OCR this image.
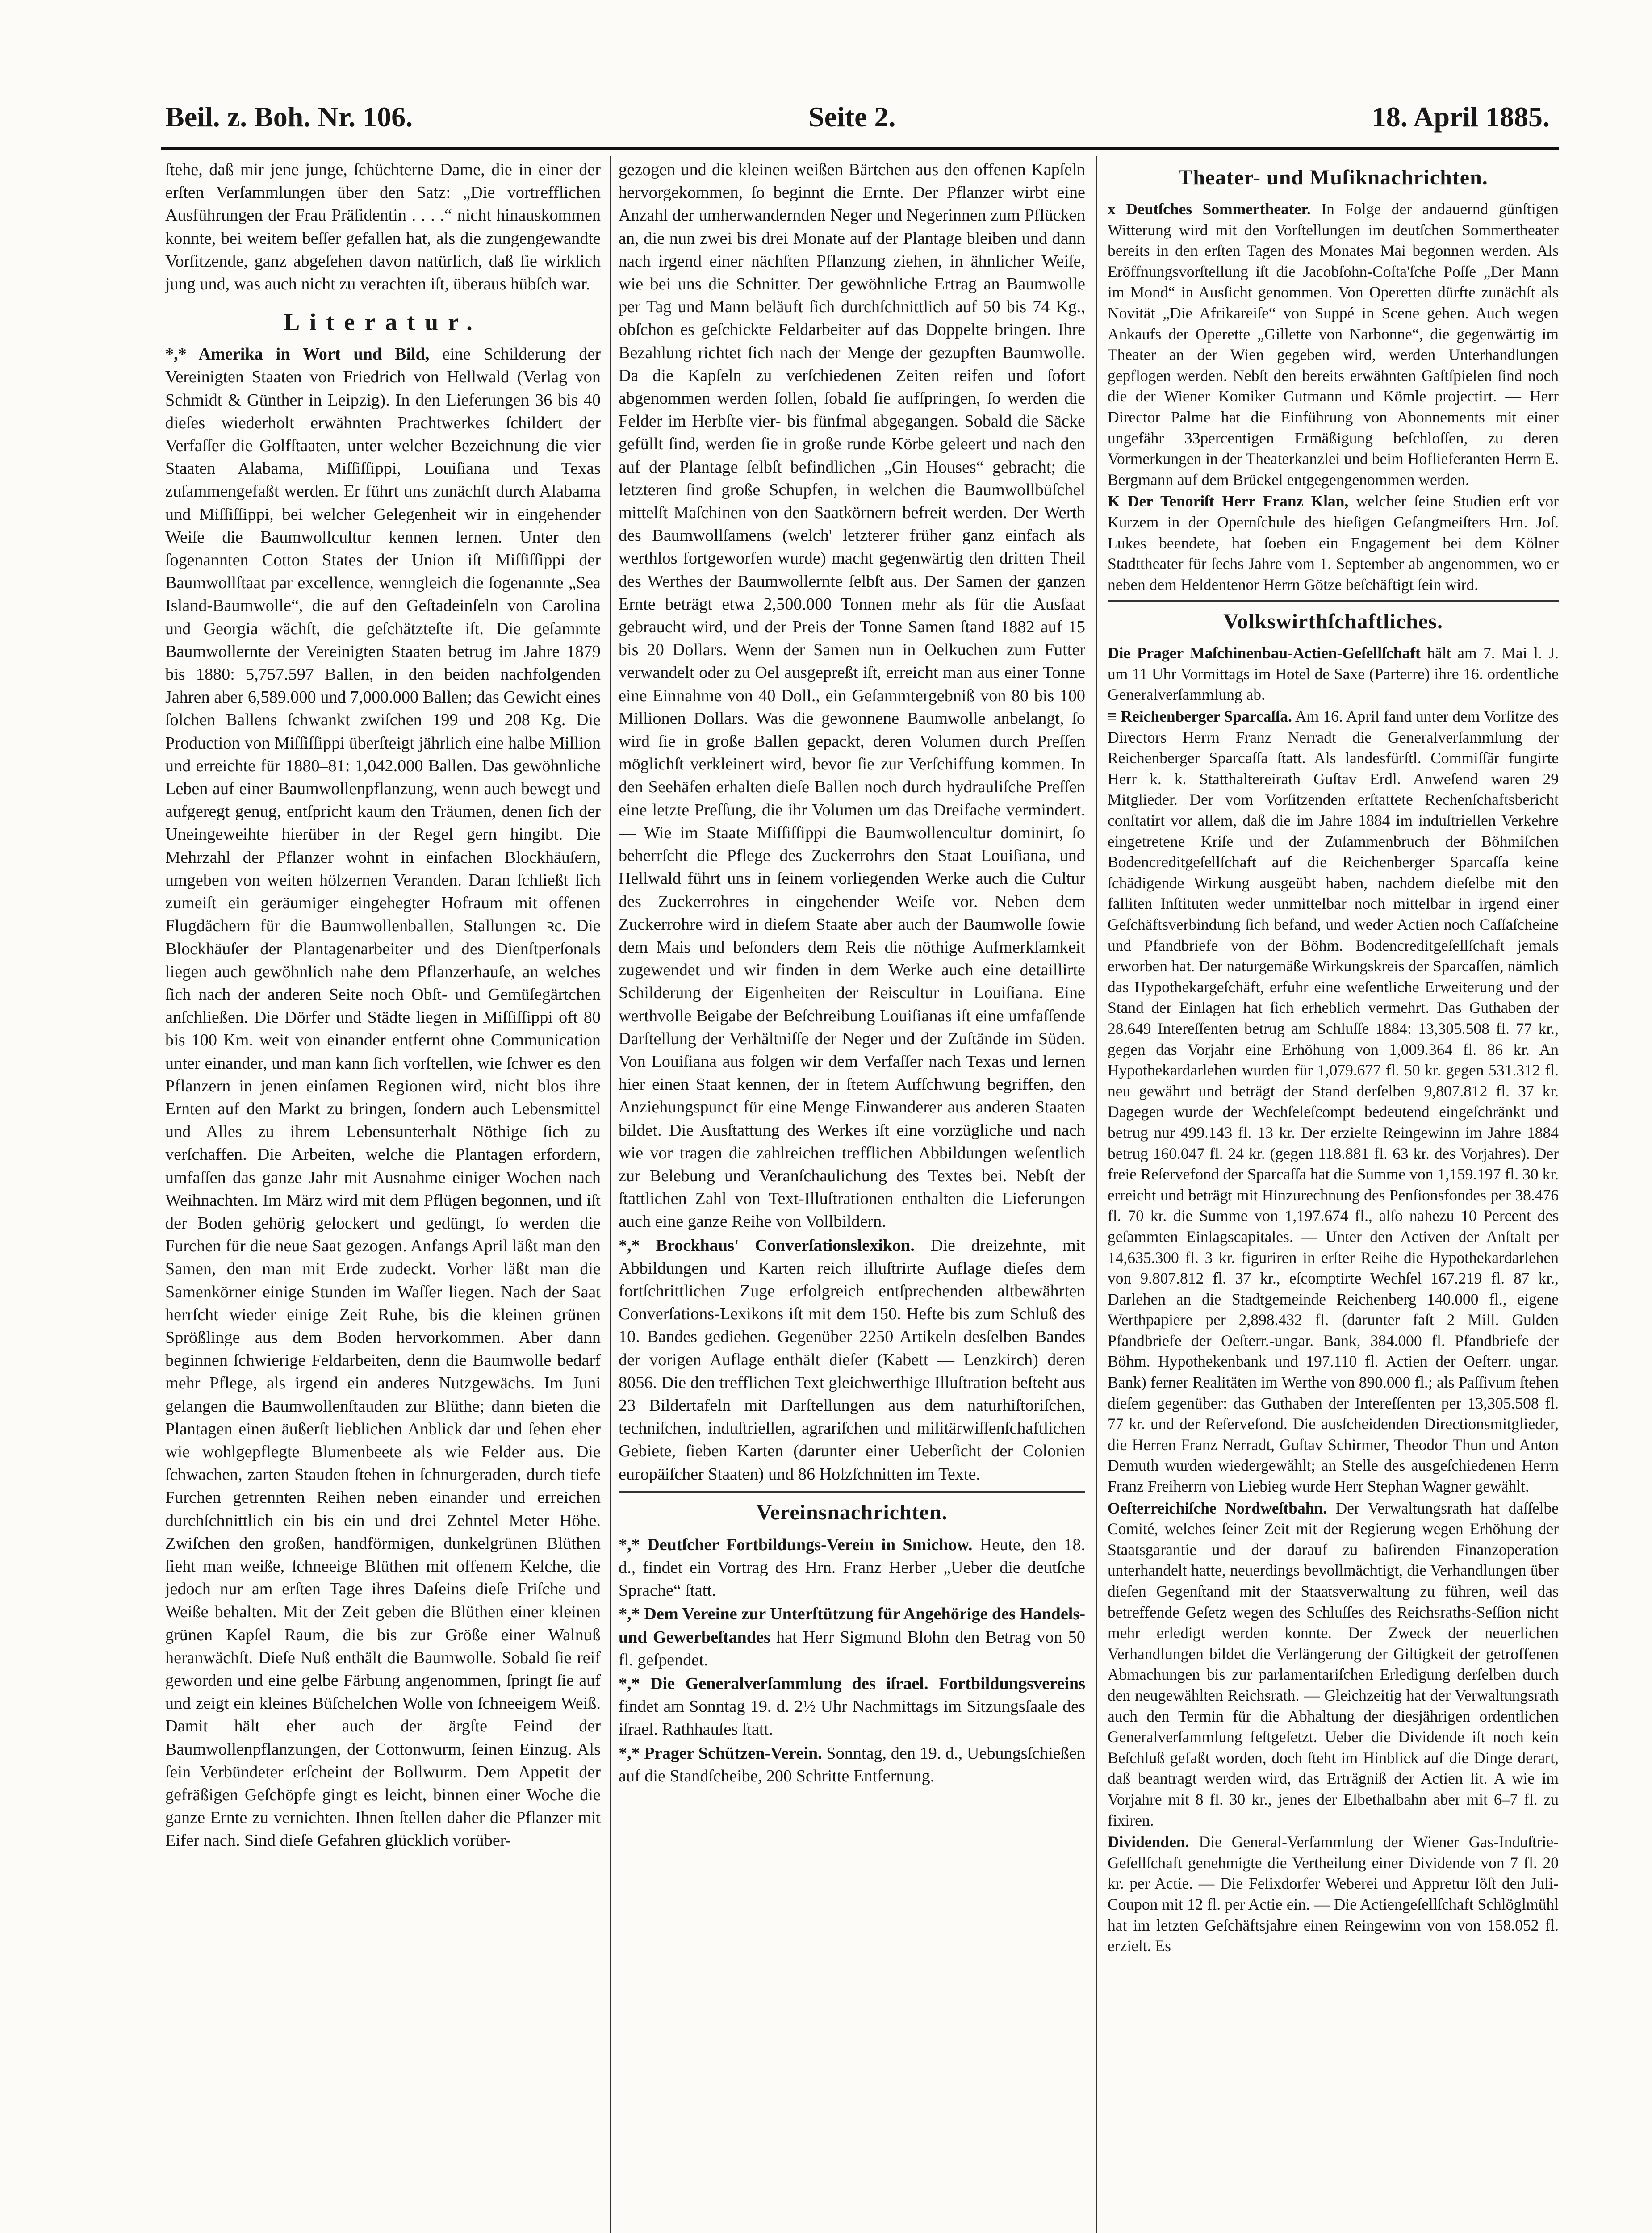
Beil. z. Boh. Nr. 106.	Seite 2.	18. April 1885.

ſtehe, daß mir jene junge, ſchüchterne Dame, die in einer der erſten Verſammlungen über den Satz: „Die vortrefflichen Ausführungen der Frau Präſidentin . . . .“ nicht hinauskommen konnte, bei weitem beſſer gefallen hat, als die zungengewandte Vorſitzende, ganz abgeſehen davon natürlich, daß ſie wirklich jung und, was auch nicht zu verachten iſt, überaus hübſch war.

Literatur.

*,* Amerika in Wort und Bild, eine Schilderung der Vereinigten Staaten von Friedrich von Hellwald (Verlag von Schmidt & Günther in Leipzig). In den Lieferungen 36 bis 40 dieſes wiederholt erwähnten Prachtwerkes ſchildert der Verfaſſer die Golfſtaaten, unter welcher Bezeichnung die vier Staaten Alabama, Miſſiſſippi, Louiſiana und Texas zuſammengefaßt werden. Er führt uns zunächſt durch Alabama und Miſſiſſippi, bei welcher Gelegenheit wir in eingehender Weiſe die Baumwollcultur kennen lernen. Unter den ſogenannten Cotton States der Union iſt Miſſiſſippi der Baumwollſtaat par excellence, wenngleich die ſogenannte „Sea Island-Baumwolle“, die auf den Geſtadeinſeln von Carolina und Georgia wächſt, die geſchätzteſte iſt. Die geſammte Baumwollernte der Vereinigten Staaten betrug im Jahre 1879 bis 1880: 5,757.597 Ballen, in den beiden nachfolgenden Jahren aber 6,589.000 und 7,000.000 Ballen; das Gewicht eines ſolchen Ballens ſchwankt zwiſchen 199 und 208 Kg. Die Production von Miſſiſſippi überſteigt jährlich eine halbe Million und erreichte für 1880–81: 1,042.000 Ballen. Das gewöhnliche Leben auf einer Baumwollenpflanzung, wenn auch bewegt und aufgeregt genug, entſpricht kaum den Träumen, denen ſich der Uneingeweihte hierüber in der Regel gern hingibt. Die Mehrzahl der Pflanzer wohnt in einfachen Blockhäuſern, umgeben von weiten hölzernen Veranden. Daran ſchließt ſich zumeiſt ein geräumiger eingehegter Hofraum mit offenen Flugdächern für die Baumwollenballen, Stallungen ꝛc. Die Blockhäuſer der Plantagenarbeiter und des Dienſtperſonals liegen auch gewöhnlich nahe dem Pflanzerhauſe, an welches ſich nach der anderen Seite noch Obſt- und Gemüſegärtchen anſchließen. Die Dörfer und Städte liegen in Miſſiſſippi oft 80 bis 100 Km. weit von einander entfernt ohne Communication unter einander, und man kann ſich vorſtellen, wie ſchwer es den Pflanzern in jenen einſamen Regionen wird, nicht blos ihre Ernten auf den Markt zu bringen, ſondern auch Lebensmittel und Alles zu ihrem Lebensunterhalt Nöthige ſich zu verſchaffen. Die Arbeiten, welche die Plantagen erfordern, umfaſſen das ganze Jahr mit Ausnahme einiger Wochen nach Weihnachten. Im März wird mit dem Pflügen begonnen, und iſt der Boden gehörig gelockert und gedüngt, ſo werden die Furchen für die neue Saat gezogen. Anfangs April läßt man den Samen, den man mit Erde zudeckt. Vorher läßt man die Samenkörner einige Stunden im Waſſer liegen. Nach der Saat herrſcht wieder einige Zeit Ruhe, bis die kleinen grünen Sprößlinge aus dem Boden hervorkommen. Aber dann beginnen ſchwierige Feldarbeiten, denn die Baumwolle bedarf mehr Pflege, als irgend ein anderes Nutzgewächs. Im Juni gelangen die Baumwollenſtauden zur Blüthe; dann bieten die Plantagen einen äußerſt lieblichen Anblick dar und ſehen eher wie wohlgepflegte Blumenbeete als wie Felder aus. Die ſchwachen, zarten Stauden ſtehen in ſchnurgeraden, durch tiefe Furchen getrennten Reihen neben einander und erreichen durchſchnittlich ein bis ein und drei Zehntel Meter Höhe. Zwiſchen den großen, handförmigen, dunkelgrünen Blüthen ſieht man weiße, ſchneeige Blüthen mit offenem Kelche, die jedoch nur am erſten Tage ihres Daſeins dieſe Friſche und Weiße behalten. Mit der Zeit geben die Blüthen einer kleinen grünen Kapſel Raum, die bis zur Größe einer Walnuß heranwächſt. Dieſe Nuß enthält die Baumwolle. Sobald ſie reif geworden und eine gelbe Färbung angenommen, ſpringt ſie auf und zeigt ein kleines Büſchelchen Wolle von ſchneeigem Weiß. Damit hält eher auch der ärgſte Feind der Baumwollenpflanzungen, der Cottonwurm, ſeinen Einzug. Als ſein Verbündeter erſcheint der Bollwurm. Dem Appetit der gefräßigen Geſchöpfe gingt es leicht, binnen einer Woche die ganze Ernte zu vernichten. Ihnen ſtellen daher die Pflanzer mit Eifer nach. Sind dieſe Gefahren glücklich vorüber-

gezogen und die kleinen weißen Bärtchen aus den offenen Kapſeln hervorgekommen, ſo beginnt die Ernte. Der Pflanzer wirbt eine Anzahl der umherwandernden Neger und Negerinnen zum Pflücken an, die nun zwei bis drei Monate auf der Plantage bleiben und dann nach irgend einer nächſten Pflanzung ziehen, in ähnlicher Weiſe, wie bei uns die Schnitter. Der gewöhnliche Ertrag an Baumwolle per Tag und Mann beläuft ſich durchſchnittlich auf 50 bis 74 Kg., obſchon es geſchickte Feldarbeiter auf das Doppelte bringen. Ihre Bezahlung richtet ſich nach der Menge der gezupften Baumwolle. Da die Kapſeln zu verſchiedenen Zeiten reifen und ſofort abgenommen werden ſollen, ſobald ſie aufſpringen, ſo werden die Felder im Herbſte vier- bis fünfmal abgegangen. Sobald die Säcke gefüllt ſind, werden ſie in große runde Körbe geleert und nach den auf der Plantage ſelbſt befindlichen „Gin Houses“ gebracht; die letzteren ſind große Schupfen, in welchen die Baumwollbüſchel mittelſt Maſchinen von den Saatkörnern befreit werden. Der Werth des Baumwollſamens (welch' letzterer früher ganz einfach als werthlos fortgeworfen wurde) macht gegenwärtig den dritten Theil des Werthes der Baumwollernte ſelbſt aus. Der Samen der ganzen Ernte beträgt etwa 2,500.000 Tonnen mehr als für die Ausſaat gebraucht wird, und der Preis der Tonne Samen ſtand 1882 auf 15 bis 20 Dollars. Wenn der Samen nun in Oelkuchen zum Futter verwandelt oder zu Oel ausgepreßt iſt, erreicht man aus einer Tonne eine Einnahme von 40 Doll., ein Geſammtergebniß von 80 bis 100 Millionen Dollars. Was die gewonnene Baumwolle anbelangt, ſo wird ſie in große Ballen gepackt, deren Volumen durch Preſſen möglichſt verkleinert wird, bevor ſie zur Verſchiffung kommen. In den Seehäfen erhalten dieſe Ballen noch durch hydrauliſche Preſſen eine letzte Preſſung, die ihr Volumen um das Dreifache vermindert. — Wie im Staate Miſſiſſippi die Baumwollencultur dominirt, ſo beherrſcht die Pflege des Zuckerrohrs den Staat Louiſiana, und Hellwald führt uns in ſeinem vorliegenden Werke auch die Cultur des Zuckerrohres in eingehender Weiſe vor. Neben dem Zuckerrohre wird in dieſem Staate aber auch der Baumwolle ſowie dem Mais und beſonders dem Reis die nöthige Aufmerkſamkeit zugewendet und wir finden in dem Werke auch eine detaillirte Schilderung der Eigenheiten der Reiscultur in Louiſiana. Eine werthvolle Beigabe der Beſchreibung Louiſianas iſt eine umfaſſende Darſtellung der Verhältniſſe der Neger und der Zuſtände im Süden. Von Louiſiana aus folgen wir dem Verfaſſer nach Texas und lernen hier einen Staat kennen, der in ſtetem Aufſchwung begriffen, den Anziehungspunct für eine Menge Einwanderer aus anderen Staaten bildet. Die Ausſtattung des Werkes iſt eine vorzügliche und nach wie vor tragen die zahlreichen trefflichen Abbildungen weſentlich zur Belebung und Veranſchaulichung des Textes bei. Nebſt der ſtattlichen Zahl von Text-Illuſtrationen enthalten die Lieferungen auch eine ganze Reihe von Vollbildern.

*,* Brockhaus' Converſationslexikon. Die dreizehnte, mit Abbildungen und Karten reich illuſtrirte Auflage dieſes dem fortſchrittlichen Zuge erfolgreich entſprechenden altbewährten Converſations-Lexikons iſt mit dem 150. Hefte bis zum Schluß des 10. Bandes gediehen. Gegenüber 2250 Artikeln desſelben Bandes der vorigen Auflage enthält dieſer (Kabett — Lenzkirch) deren 8056. Die den trefflichen Text gleichwerthige Illuſtration beſteht aus 23 Bildertafeln mit Darſtellungen aus dem naturhiſtoriſchen, techniſchen, induſtriellen, agrariſchen und militärwiſſenſchaftlichen Gebiete, ſieben Karten (darunter einer Ueberſicht der Colonien europäiſcher Staaten) und 86 Holzſchnitten im Texte.

Vereinsnachrichten.

*,* Deutſcher Fortbildungs-Verein in Smichow. Heute, den 18. d., findet ein Vortrag des Hrn. Franz Herber „Ueber die deutſche Sprache“ ſtatt.

*,* Dem Vereine zur Unterſtützung für Angehörige des Handels- und Gewerbeſtandes hat Herr Sigmund Blohn den Betrag von 50 fl. geſpendet.

*,* Die Generalverſammlung des iſrael. Fortbildungsvereins findet am Sonntag 19. d. 2½ Uhr Nachmittags im Sitzungsſaale des iſrael. Rathhauſes ſtatt.

*,* Prager Schützen-Verein. Sonntag, den 19. d., Uebungsſchießen auf die Standſcheibe, 200 Schritte Entfernung.

Theater- und Muſiknachrichten.

x Deutſches Sommertheater. In Folge der andauernd günſtigen Witterung wird mit den Vorſtellungen im deutſchen Sommertheater bereits in den erſten Tagen des Monates Mai begonnen werden. Als Eröffnungsvorſtellung iſt die Jacobſohn-Coſta'ſche Poſſe „Der Mann im Mond“ in Ausſicht genommen. Von Operetten dürfte zunächſt als Novität „Die Afrikareiſe“ von Suppé in Scene gehen. Auch wegen Ankaufs der Operette „Gillette von Narbonne“, die gegenwärtig im Theater an der Wien gegeben wird, werden Unterhandlungen gepflogen werden. Nebſt den bereits erwähnten Gaſtſpielen ſind noch die der Wiener Komiker Gutmann und Kömle projectirt. — Herr Director Palme hat die Einführung von Abonnements mit einer ungefähr 33percentigen Ermäßigung beſchloſſen, zu deren Vormerkungen in der Theaterkanzlei und beim Hoflieferanten Herrn E. Bergmann auf dem Brückel entgegengenommen werden.

K Der Tenoriſt Herr Franz Klan, welcher ſeine Studien erſt vor Kurzem in der Opernſchule des hieſigen Geſangmeiſters Hrn. Joſ. Lukes beendete, hat ſoeben ein Engagement bei dem Kölner Stadttheater für ſechs Jahre vom 1. September ab angenommen, wo er neben dem Heldentenor Herrn Götze beſchäftigt ſein wird.

Volkswirthſchaftliches.

Die Prager Maſchinenbau-Actien-Geſellſchaft hält am 7. Mai l. J. um 11 Uhr Vormittags im Hotel de Saxe (Parterre) ihre 16. ordentliche Generalverſammlung ab.

≡ Reichenberger Sparcaſſa. Am 16. April fand unter dem Vorſitze des Directors Herrn Franz Nerradt die Generalverſammlung der Reichenberger Sparcaſſa ſtatt. Als landesfürſtl. Commiſſär fungirte Herr k. k. Statthaltereirath Guſtav Erdl. Anweſend waren 29 Mitglieder. Der vom Vorſitzenden erſtattete Rechenſchaftsbericht conſtatirt vor allem, daß die im Jahre 1884 im induſtriellen Verkehre eingetretene Kriſe und der Zuſammenbruch der Böhmiſchen Bodencreditgeſellſchaft auf die Reichenberger Sparcaſſa keine ſchädigende Wirkung ausgeübt haben, nachdem dieſelbe mit den falliten Inſtituten weder unmittelbar noch mittelbar in irgend einer Geſchäftsverbindung ſich befand, und weder Actien noch Caſſaſcheine und Pfandbriefe von der Böhm. Bodencreditgeſellſchaft jemals erworben hat. Der naturgemäße Wirkungskreis der Sparcaſſen, nämlich das Hypothekargeſchäft, erfuhr eine weſentliche Erweiterung und der Stand der Einlagen hat ſich erheblich vermehrt. Das Guthaben der 28.649 Intereſſenten betrug am Schluſſe 1884: 13,305.508 fl. 77 kr., gegen das Vorjahr eine Erhöhung von 1,009.364 fl. 86 kr. An Hypothekardarlehen wurden für 1,079.677 fl. 50 kr. gegen 531.312 fl. neu gewährt und beträgt der Stand derſelben 9,807.812 fl. 37 kr. Dagegen wurde der Wechſeleſcompt bedeutend eingeſchränkt und betrug nur 499.143 fl. 13 kr. Der erzielte Reingewinn im Jahre 1884 betrug 160.047 fl. 24 kr. (gegen 118.881 fl. 63 kr. des Vorjahres). Der freie Reſervefond der Sparcaſſa hat die Summe von 1,159.197 fl. 30 kr. erreicht und beträgt mit Hinzurechnung des Penſionsfondes per 38.476 fl. 70 kr. die Summe von 1,197.674 fl., alſo nahezu 10 Percent des geſammten Einlagscapitales. — Unter den Activen der Anſtalt per 14,635.300 fl. 3 kr. figuriren in erſter Reihe die Hypothekardarlehen von 9.807.812 fl. 37 kr., eſcomptirte Wechſel 167.219 fl. 87 kr., Darlehen an die Stadtgemeinde Reichenberg 140.000 fl., eigene Werthpapiere per 2,898.432 fl. (darunter faſt 2 Mill. Gulden Pfandbriefe der Oeſterr.-ungar. Bank, 384.000 fl. Pfandbriefe der Böhm. Hypothekenbank und 197.110 fl. Actien der Oeſterr. ungar. Bank) ferner Realitäten im Werthe von 890.000 fl.; als Paſſivum ſtehen dieſem gegenüber: das Guthaben der Intereſſenten per 13,305.508 fl. 77 kr. und der Reſervefond. Die ausſcheidenden Directionsmitglieder, die Herren Franz Nerradt, Guſtav Schirmer, Theodor Thun und Anton Demuth wurden wiedergewählt; an Stelle des ausgeſchiedenen Herrn Franz Freiherrn von Liebieg wurde Herr Stephan Wagner gewählt.

Oeſterreichiſche Nordweſtbahn. Der Verwaltungsrath hat daſſelbe Comité, welches ſeiner Zeit mit der Regierung wegen Erhöhung der Staatsgarantie und der darauf zu baſirenden Finanzoperation unterhandelt hatte, neuerdings bevollmächtigt, die Verhandlungen über dieſen Gegenſtand mit der Staatsverwaltung zu führen, weil das betreffende Geſetz wegen des Schluſſes des Reichsraths-Seſſion nicht mehr erledigt werden konnte. Der Zweck der neuerlichen Verhandlungen bildet die Verlängerung der Giltigkeit der getroffenen Abmachungen bis zur parlamentariſchen Erledigung derſelben durch den neugewählten Reichsrath. — Gleichzeitig hat der Verwaltungsrath auch den Termin für die Abhaltung der diesjährigen ordentlichen Generalverſammlung feſtgeſetzt. Ueber die Dividende iſt noch kein Beſchluß gefaßt worden, doch ſteht im Hinblick auf die Dinge derart, daß beantragt werden wird, das Erträgniß der Actien lit. A wie im Vorjahre mit 8 fl. 30 kr., jenes der Elbethalbahn aber mit 6–7 fl. zu fixiren.

Dividenden. Die General-Verſammlung der Wiener Gas-Induſtrie-Geſellſchaft genehmigte die Vertheilung einer Dividende von 7 fl. 20 kr. per Actie. — Die Felixdorfer Weberei und Appretur löſt den Juli-Coupon mit 12 fl. per Actie ein. — Die Actiengeſellſchaft Schlöglmühl hat im letzten Geſchäftsjahre einen Reingewinn von von 158.052 fl. erzielt. Es
